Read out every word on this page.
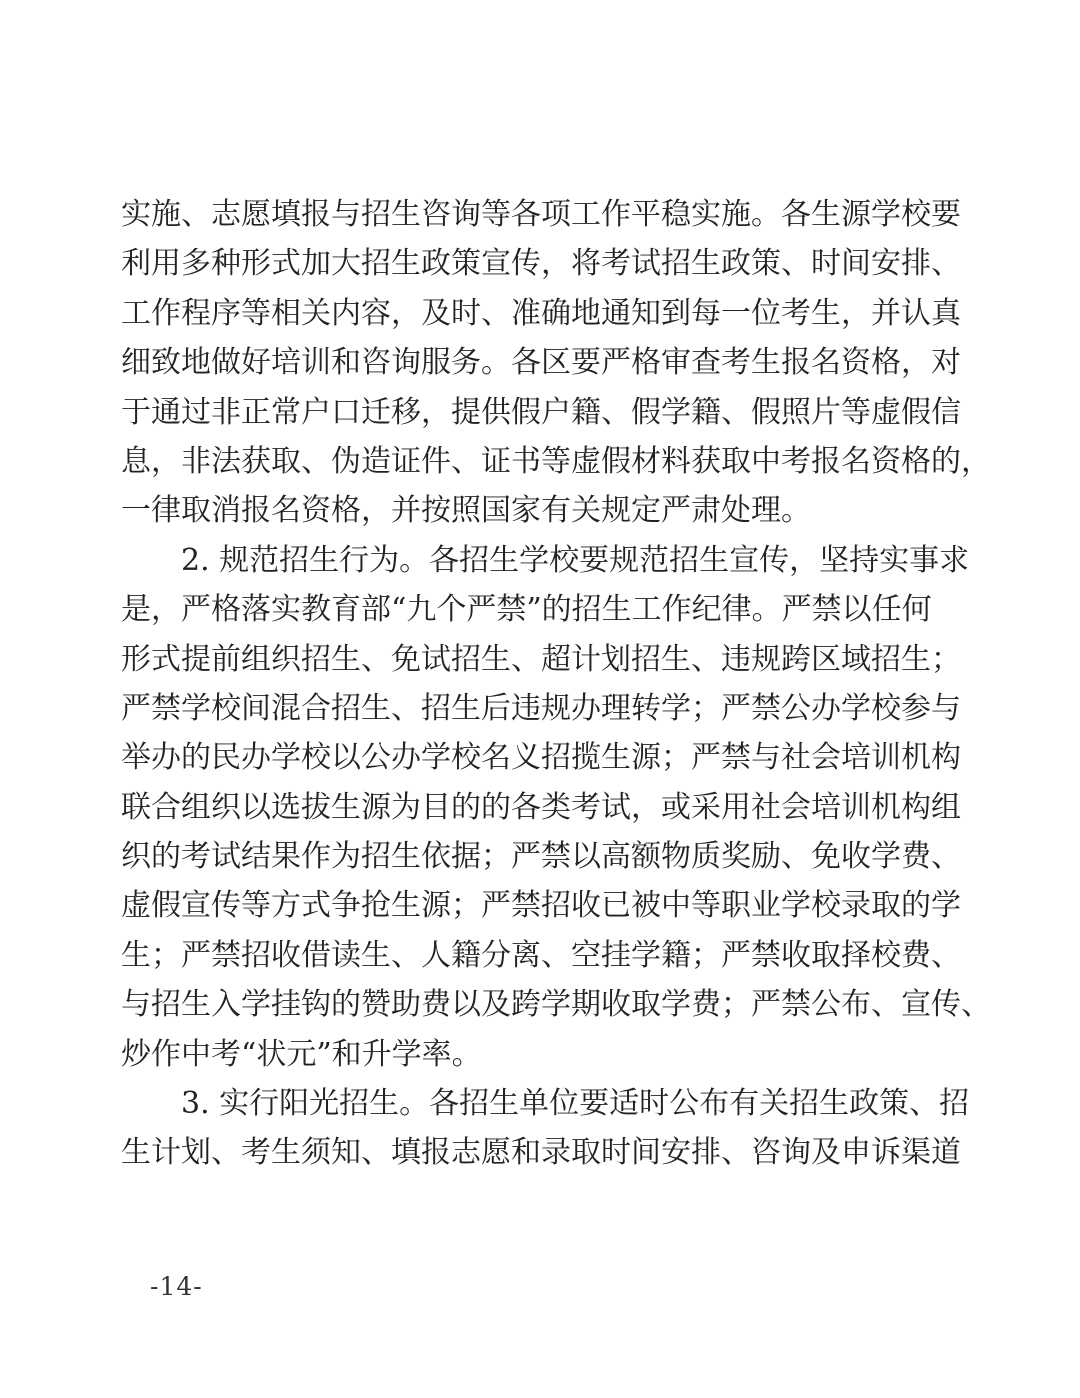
实施、志愿填报与招生咨询等各项工作平稳实施。各生源学校要
利用多种形式加大招生政策宣传，将考试招生政策、时间安排、
工作程序等相关内容，及时、准确地通知到每一位考生，并认真
细致地做好培训和咨询服务。各区要严格审查考生报名资格，对
于通过非正常户口迁移，提供假户籍、假学籍、假照片等虚假信
息，非法获取、伪造证件、证书等虚假材料获取中考报名资格的，
一律取消报名资格，并按照国家有关规定严肃处理。
　　2. 规范招生行为。各招生学校要规范招生宣传，坚持实事求
是，严格落实教育部“九个严禁”的招生工作纪律。严禁以任何
形式提前组织招生、免试招生、超计划招生、违规跨区域招生；
严禁学校间混合招生、招生后违规办理转学；严禁公办学校参与
举办的民办学校以公办学校名义招揽生源；严禁与社会培训机构
联合组织以选拔生源为目的的各类考试，或采用社会培训机构组
织的考试结果作为招生依据；严禁以高额物质奖励、免收学费、
虚假宣传等方式争抢生源；严禁招收已被中等职业学校录取的学
生；严禁招收借读生、人籍分离、空挂学籍；严禁收取择校费、
与招生入学挂钩的赞助费以及跨学期收取学费；严禁公布、宣传、
炒作中考“状元”和升学率。
　　3. 实行阳光招生。各招生单位要适时公布有关招生政策、招
生计划、考生须知、填报志愿和录取时间安排、咨询及申诉渠道
-14-
